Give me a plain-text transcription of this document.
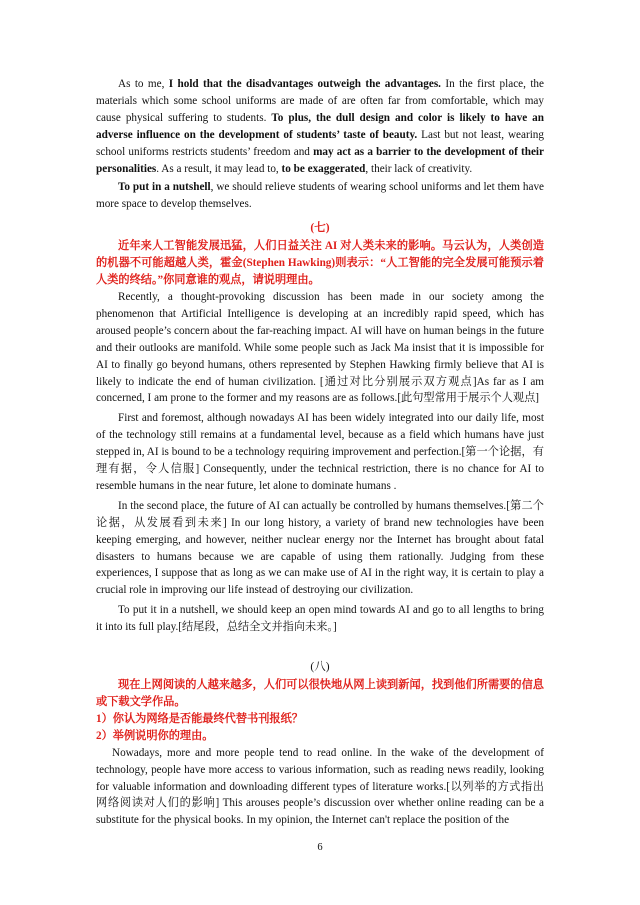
As to me, I hold that the disadvantages outweigh the advantages. In the first place, the materials which some school uniforms are made of are often far from comfortable, which may cause physical suffering to students. To plus, the dull design and color is likely to have an adverse influence on the development of students’ taste of beauty. Last but not least, wearing school uniforms restricts students’ freedom and may act as a barrier to the development of their personalities. As a result, it may lead to, to be exaggerated, their lack of creativity.

To put in a nutshell, we should relieve students of wearing school uniforms and let them have more space to develop themselves.

(七)

近年来人工智能发展迅猛，人们日益关注 AI 对人类未来的影响。马云认为，人类创造的机器不可能超越人类，霍金(Stephen Hawking)则表示：“人工智能的完全发展可能预示着人类的终结。”你同意谁的观点，请说明理由。

Recently, a thought-provoking discussion has been made in our society among the phenomenon that Artificial Intelligence is developing at an incredibly rapid speed, which has aroused people’s concern about the far-reaching impact. AI will have on human beings in the future and their outlooks are manifold. While some people such as Jack Ma insist that it is impossible for AI to finally go beyond humans, others represented by Stephen Hawking firmly believe that AI is likely to indicate the end of human civilization. [通过对比分别展示双方观点]As far as I am concerned, I am prone to the former and my reasons are as follows.[此句型常用于展示个人观点]

First and foremost, although nowadays AI has been widely integrated into our daily life, most of the technology still remains at a fundamental level, because as a field which humans have just stepped in, AI is bound to be a technology requiring improvement and perfection.[第一个论据，有理有据，令人信服] Consequently, under the technical restriction, there is no chance for AI to resemble humans in the near future, let alone to dominate humans .

In the second place, the future of AI can actually be controlled by humans themselves.[第二个论据，从发展看到未来] In our long history, a variety of brand new technologies have been keeping emerging, and however, neither nuclear energy nor the Internet has brought about fatal disasters to humans because we are capable of using them rationally. Judging from these experiences, I suppose that as long as we can make use of AI in the right way, it is certain to play a crucial role in improving our life instead of destroying our civilization.

To put it in a nutshell, we should keep an open mind towards AI and go to all lengths to bring it into its full play.[结尾段，总结全文并指向未来。]

(八)

现在上网阅读的人越来越多，人们可以很快地从网上读到新闻，找到他们所需要的信息或下载文学作品。

1）你认为网络是否能最终代替书刊报纸？

2）举例说明你的理由。

Nowadays, more and more people tend to read online. In the wake of the development of technology, people have more access to various information, such as reading news readily, looking for valuable information and downloading different types of literature works.[以列举的方式指出网络阅读对人们的影响] This arouses people’s discussion over whether online reading can be a substitute for the physical books. In my opinion, the Internet can't replace the position of the

6
